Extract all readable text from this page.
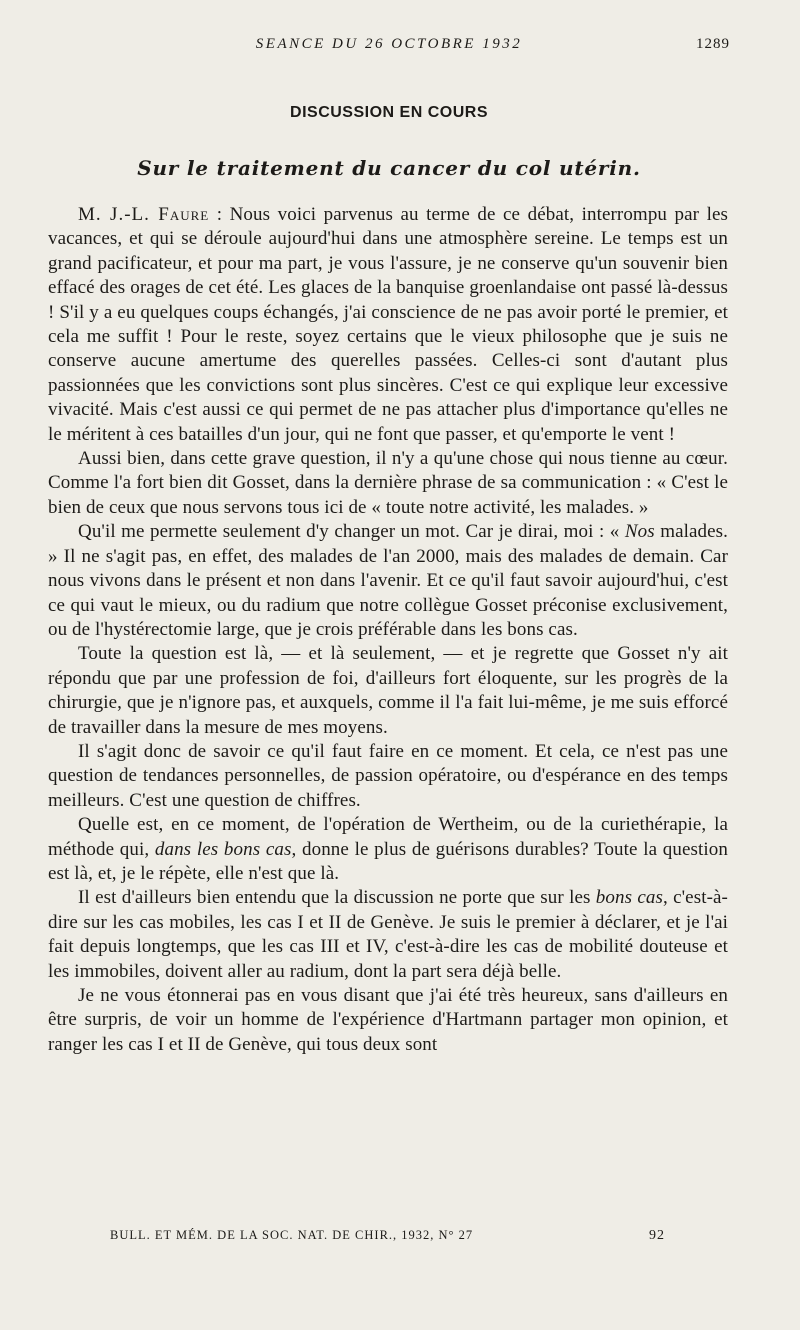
SEANCE DU 26 OCTOBRE 1932	1289
DISCUSSION EN COURS
Sur le traitement du cancer du col utérin.

M. J.-L. Faure : Nous voici parvenus au terme de ce débat, interrompu par les vacances, et qui se déroule aujourd'hui dans une atmosphère sereine. Le temps est un grand pacificateur, et pour ma part, je vous l'assure, je ne conserve qu'un souvenir bien effacé des orages de cet été. Les glaces de la banquise groenlandaise ont passé là-dessus ! S'il y a eu quelques coups échangés, j'ai conscience de ne pas avoir porté le premier, et cela me suffit ! Pour le reste, soyez certains que le vieux philosophe que je suis ne conserve aucune amertume des querelles passées. Celles-ci sont d'autant plus passionnées que les convictions sont plus sincères. C'est ce qui explique leur excessive vivacité. Mais c'est aussi ce qui permet de ne pas attacher plus d'importance qu'elles ne le méritent à ces batailles d'un jour, qui ne font que passer, et qu'emporte le vent !

Aussi bien, dans cette grave question, il n'y a qu'une chose qui nous tienne au cœur. Comme l'a fort bien dit Gosset, dans la dernière phrase de sa communication : « C'est le bien de ceux que nous servons tous ici de « toute notre activité, les malades. »

Qu'il me permette seulement d'y changer un mot. Car je dirai, moi : « Nos malades. » Il ne s'agit pas, en effet, des malades de l'an 2000, mais des malades de demain. Car nous vivons dans le présent et non dans l'avenir. Et ce qu'il faut savoir aujourd'hui, c'est ce qui vaut le mieux, ou du radium que notre collègue Gosset préconise exclusivement, ou de l'hystérectomie large, que je crois préférable dans les bons cas.

Toute la question est là, — et là seulement, — et je regrette que Gosset n'y ait répondu que par une profession de foi, d'ailleurs fort éloquente, sur les progrès de la chirurgie, que je n'ignore pas, et auxquels, comme il l'a fait lui-même, je me suis efforcé de travailler dans la mesure de mes moyens.

Il s'agit donc de savoir ce qu'il faut faire en ce moment. Et cela, ce n'est pas une question de tendances personnelles, de passion opératoire, ou d'espérance en des temps meilleurs. C'est une question de chiffres.

Quelle est, en ce moment, de l'opération de Wertheim, ou de la curiethérapie, la méthode qui, dans les bons cas, donne le plus de guérisons durables? Toute la question est là, et, je le répète, elle n'est que là.

Il est d'ailleurs bien entendu que la discussion ne porte que sur les bons cas, c'est-à-dire sur les cas mobiles, les cas I et II de Genève. Je suis le premier à déclarer, et je l'ai fait depuis longtemps, que les cas III et IV, c'est-à-dire les cas de mobilité douteuse et les immobiles, doivent aller au radium, dont la part sera déjà belle.

Je ne vous étonnerai pas en vous disant que j'ai été très heureux, sans d'ailleurs en être surpris, de voir un homme de l'expérience d'Hartmann partager mon opinion, et ranger les cas I et II de Genève, qui tous deux sont

BULL. ET MÉM. DE LA SOC. NAT. DE CHIR., 1932, N° 27	92
